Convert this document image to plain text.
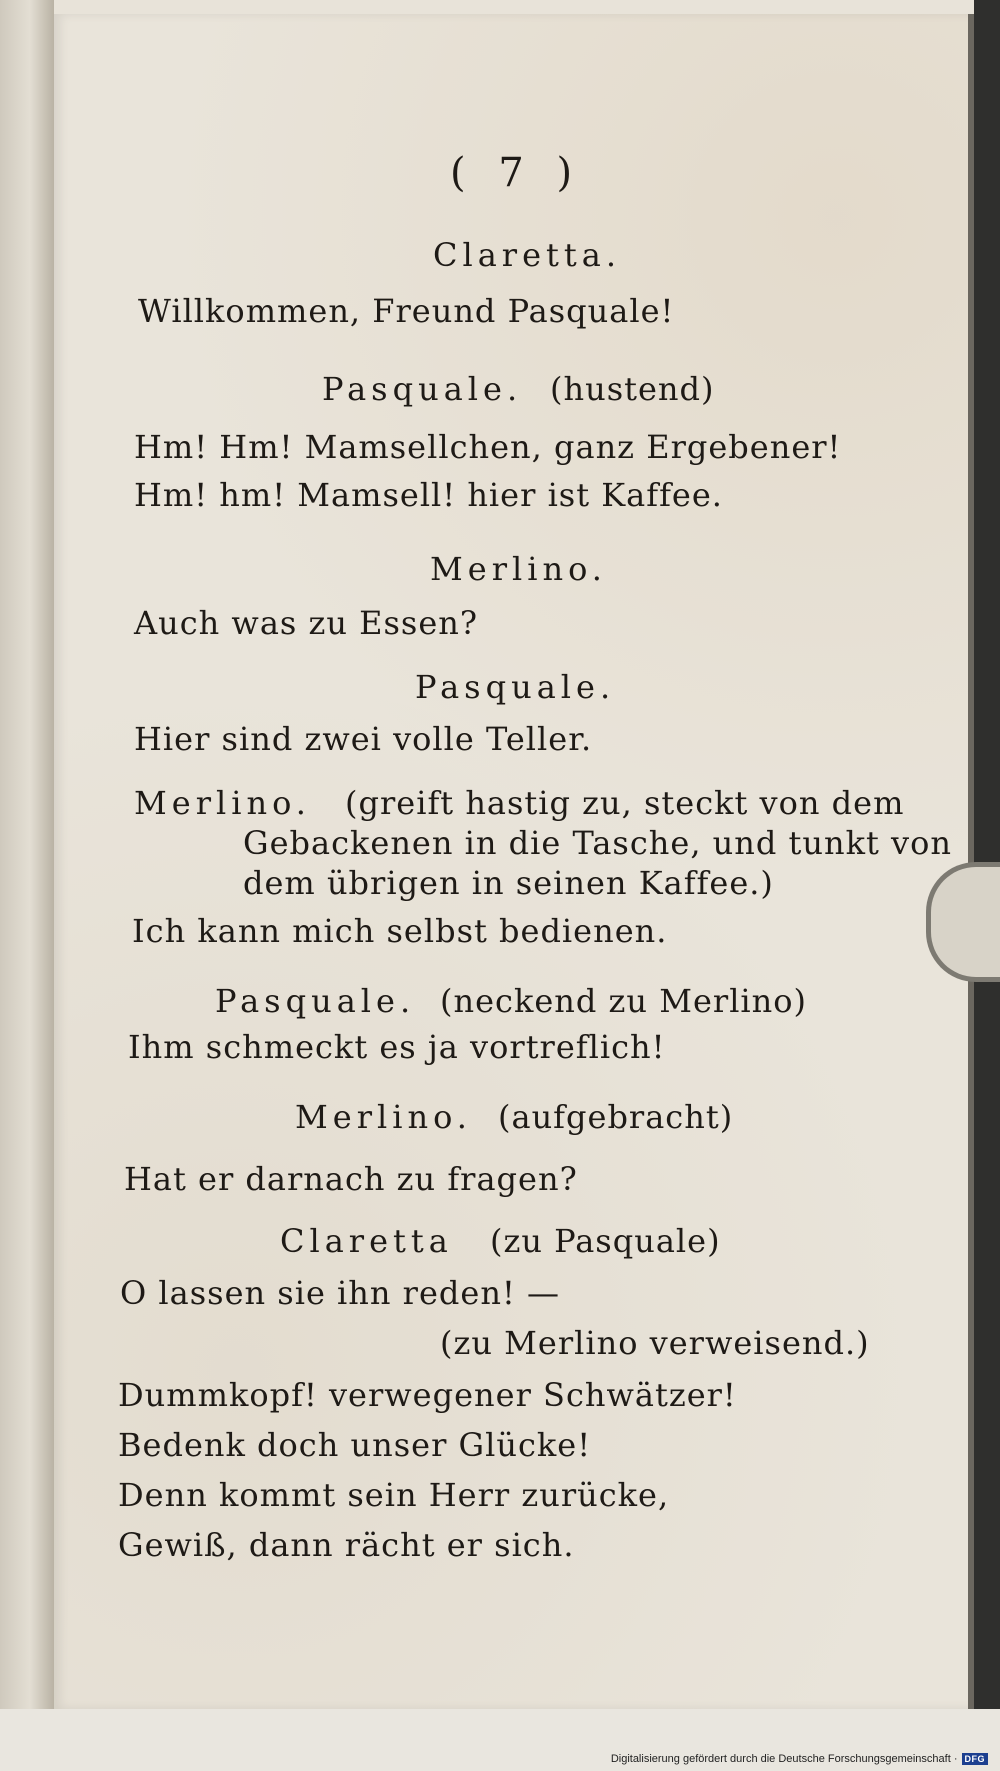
( 7 )
Claretta.
Willkommen, Freund Pasquale!
Pasquale. (hustend)
Hm! Hm! Mamsellchen, ganz Ergebener!
Hm! hm! Mamsell! hier ist Kaffee.
Merlino.
Auch was zu Essen?
Pasquale.
Hier sind zwei volle Teller.
Merlino. (greift hastig zu, steckt von dem
Gebackenen in die Tasche, und tunkt von
dem übrigen in seinen Kaffee.)
Ich kann mich selbst bedienen.
Pasquale. (neckend zu Merlino)
Ihm schmeckt es ja vortreflich!
Merlino. (aufgebracht)
Hat er darnach zu fragen?
Claretta (zu Pasquale)
O lassen sie ihn reden! —
(zu Merlino verweisend.)
Dummkopf! verwegener Schwätzer!
Bedenk doch unser Glücke!
Denn kommt sein Herr zurücke,
Gewiß, dann rächt er sich.
Digitalisierung gefördert durch die Deutsche Forschungsgemeinschaft · DFG
